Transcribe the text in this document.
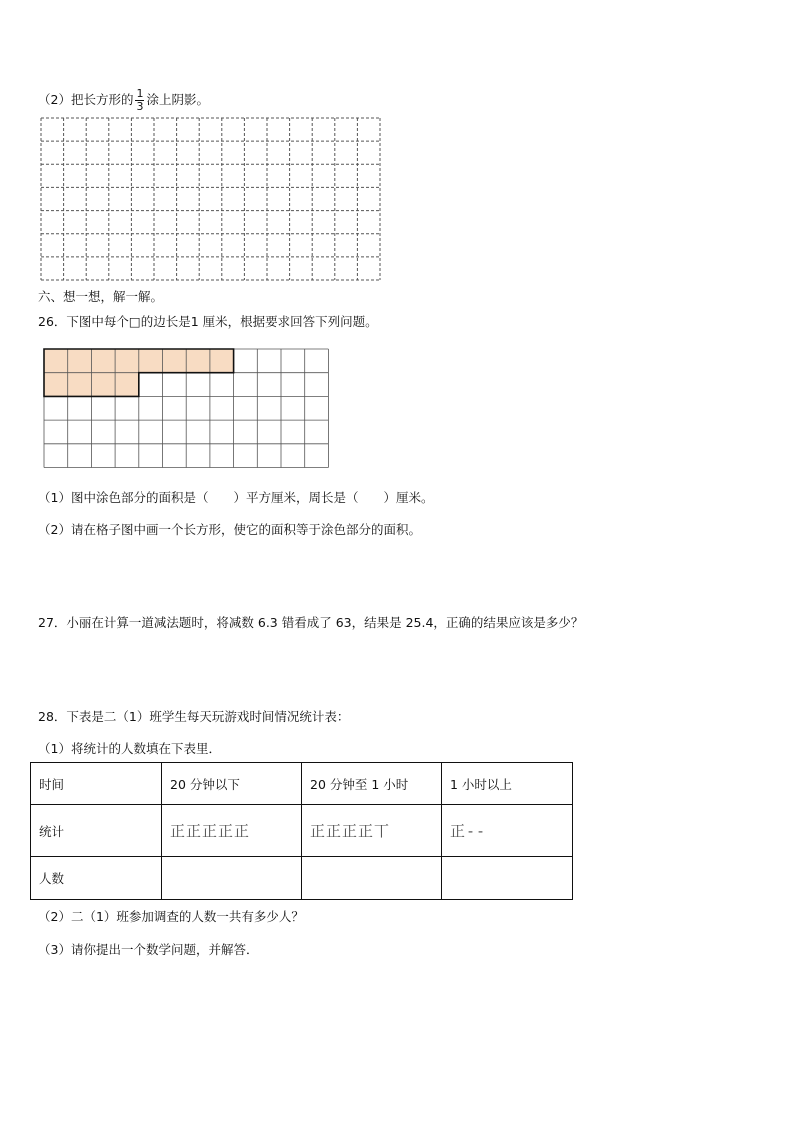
（2）把长方形的 $\frac{1}{3}$ 涂上阴影。
六、想一想，解一解。
26．下图中每个□的边长是1 厘米，根据要求回答下列问题。
（1）图中涂色部分的面积是（　　）平方厘米，周长是（　　）厘米。
（2）请在格子图中画一个长方形，使它的面积等于涂色部分的面积。
27．小丽在计算一道减法题时，将减数 6.3 错看成了 63，结果是 25.4，正确的结果应该是多少？
28．下表是二（1）班学生每天玩游戏时间情况统计表：
（1）将统计的人数填在下表里．
时间	20 分钟以下	20 分钟至 1 小时	1 小时以上
统计	正正正正正	正正正正丅	正--
人数			
（2）二（1）班参加调查的人数一共有多少人？
（3）请你提出一个数学问题，并解答．
